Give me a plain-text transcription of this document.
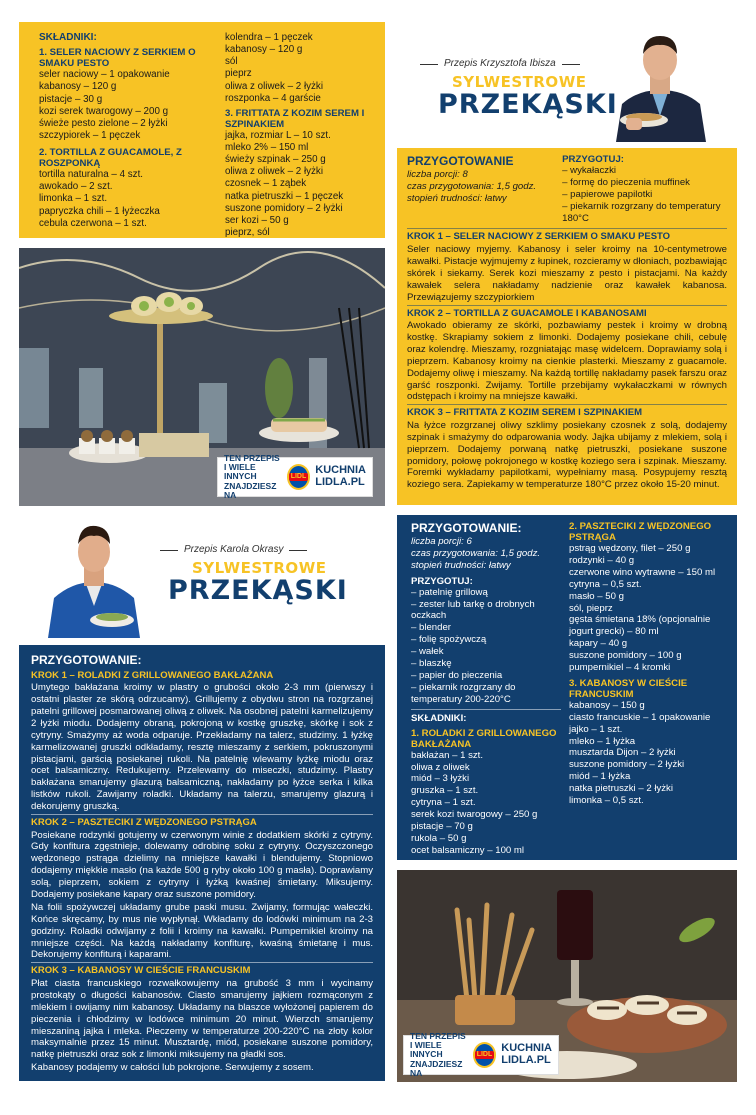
SKŁADNIKI:
1. SELER NACIOWY Z SERKIEM O SMAKU PESTO
seler naciowy – 1 opakowanie
kabanosy – 120 g
pistacje – 30 g
kozi serek twarogowy – 200 g
świeże pesto zielone – 2 łyżki
szczypiorek – 1 pęczek
2. TORTILLA Z GUACAMOLE, Z ROSZPONKĄ
tortilla naturalna – 4 szt.
awokado – 2 szt.
limonka – 1 szt.
papryczka chili – 1 łyżeczka
cebula czerwona – 1 szt.
kolendra – 1 pęczek
kabanosy – 120 g
sól
pieprz
oliwa z oliwek – 2 łyżki
roszponka – 4 garście
3. FRITTATA Z KOZIM SEREM I SZPINAKIEM
jajka, rozmiar L – 10 szt.
mleko 2% – 150 ml
świeży szpinak – 250 g
oliwa z oliwek – 2 łyżki
czosnek – 1 ząbek
natka pietruszki – 1 pęczek
suszone pomidory – 2 łyżki
ser kozi – 50 g
pieprz, sól
Przepis Krzysztofa Ibisza
SYLWESTROWE
PRZEKĄSKI
PRZYGOTOWANIE
liczba porcji: 8
czas przygotowania: 1,5 godz.
stopień trudności: łatwy
PRZYGOTUJ:
– wykałaczki
– formę do pieczenia muffinek
– papierowe papilotki
– piekarnik rozgrzany do temperatury 180°C
KROK 1 – SELER NACIOWY Z SERKIEM O SMAKU PESTO

Seler naciowy myjemy. Kabanosy i seler kroimy na 10-centymetrowe kawałki. Pistacje wyjmujemy z łupinek, rozcieramy w dłoniach, pozbawiając skórek i siekamy. Serek kozi mieszamy z pesto i pistacjami. Na każdy kawałek selera nakładamy nadzienie oraz kawałek kabanosa. Przewiązujemy szczypiorkiem

KROK 2 – TORTILLA Z GUACAMOLE I KABANOSAMI

Awokado obieramy ze skórki, pozbawiamy pestek i kroimy w drobną kostkę. Skrapiamy sokiem z limonki. Dodajemy posiekane chili, cebulę oraz kolendrę. Mieszamy, rozgniatając masę widelcem. Doprawiamy solą i pieprzem. Kabanosy kroimy na cienkie plasterki. Mieszamy z guacamole. Dodajemy oliwę i mieszamy. Na każdą tortillę nakładamy pasek farszu oraz garść roszponki. Zwijamy. Tortille przebijamy wykałaczkami w równych odstępach i kroimy na mniejsze kawałki.

KROK 3 – FRITTATA Z KOZIM SEREM I SZPINAKIEM

Na łyżce rozgrzanej oliwy szklimy posiekany czosnek z solą, dodajemy szpinak i smażymy do odparowania wody. Jajka ubijamy z mlekiem, solą i pieprzem. Dodajemy porwaną natkę pietruszki, posiekane suszone pomidory, połowę pokrojonego w kostkę koziego sera i szpinak. Mieszamy. Foremki wykładamy papilotkami, wypełniamy masą. Posypujemy resztą koziego sera. Zapiekamy w temperaturze 180°C przez około 15-20 minut.

TEN PRZEPIS I WIELE INNYCH ZNAJDZIESZ NA
LIDL KUCHNIA
LIDLA.PL
Przepis Karola Okrasy
SYLWESTROWE
PRZEKĄSKI
PRZYGOTOWANIE:
liczba porcji: 6
czas przygotowania: 1,5 godz.
stopień trudności: łatwy
PRZYGOTUJ:
– patelnię grillową
– zester lub tarkę o drobnych oczkach
– blender
– folię spożywczą
– wałek
– blaszkę
– papier do pieczenia
– piekarnik rozgrzany do temperatury 200-220°C
SKŁADNIKI:
1. ROLADKI Z GRILLOWANEGO BAKŁAŻANA
bakłażan – 1 szt.
oliwa z oliwek
miód – 3 łyżki
gruszka – 1 szt.
cytryna – 1 szt.
serek kozi twarogowy – 250 g
pistacje – 70 g
rukola – 50 g
ocet balsamiczny – 100 ml
2. PASZTECIKI Z WĘDZONEGO PSTRĄGA
pstrąg wędzony, filet – 250 g
rodzynki – 40 g
czerwone wino wytrawne – 150 ml
cytryna – 0,5 szt.
masło – 50 g
sól, pieprz
gęsta śmietana 18% (opcjonalnie jogurt grecki) – 80 ml
kapary – 40 g
suszone pomidory – 100 g
pumpernikiel – 4 kromki
3. KABANOSY W CIEŚCIE FRANCUSKIM
kabanosy – 150 g
ciasto francuskie – 1 opakowanie
jajko – 1 szt.
mleko – 1 łyżka
musztarda Dijon – 2 łyżki
suszone pomidory – 2 łyżki
miód – 1 łyżka
natka pietruszki – 2 łyżki
limonka – 0,5 szt.
PRZYGOTOWANIE:
KROK 1 – ROLADKI Z GRILLOWANEGO BAKŁAŻANA

Umytego bakłażana kroimy w plastry o grubości około 2-3 mm (pierwszy i ostatni plaster ze skórą odrzucamy). Grillujemy z obydwu stron na rozgrzanej patelni grillowej posmarowanej oliwą z oliwek. Na osobnej patelni karmelizujemy 2 łyżki miodu. Dodajemy obraną, pokrojoną w kostkę gruszkę, skórkę i sok z cytryny. Smażymy aż woda odparuje. Przekładamy na talerz, studzimy. 1 łyżkę karmelizowanej gruszki odkładamy, resztę mieszamy z serkiem, pokruszonymi pistacjami, garścią posiekanej rukoli. Na patelnię wlewamy łyżkę miodu oraz ocet balsamiczny. Redukujemy. Przelewamy do miseczki, studzimy. Plastry bakłażana smarujemy glazurą balsamiczną, nakładamy po łyżce serka i kilka listków rukoli. Zawijamy roladki. Układamy na talerzu, smarujemy glazurą i dekorujemy gruszką.

KROK 2 – PASZTECIKI Z WĘDZONEGO PSTRĄGA

Posiekane rodzynki gotujemy w czerwonym winie z dodatkiem skórki z cytryny. Gdy konfitura zgęstnieje, dolewamy odrobinę soku z cytryny. Oczyszczonego wędzonego pstrąga dzielimy na mniejsze kawałki i blendujemy. Stopniowo dodajemy miękkie masło (na każde 500 g ryby około 100 g masła). Doprawiamy solą, pieprzem, sokiem z cytryny i łyżką kwaśnej śmietany. Miksujemy. Dodajemy posiekane kapary oraz suszone pomidory.

Na folii spożywczej układamy grube paski musu. Zwijamy, formując wałeczki. Końce skręcamy, by mus nie wypłynął. Wkładamy do lodówki minimum na 2-3 godziny. Roladki odwijamy z folii i kroimy na kawałki. Pumpernikiel kroimy na mniejsze części. Na każdą nakładamy konfiturę, kwaśną śmietanę i mus. Dekorujemy konfiturą i kaparami.

KROK 3 – KABANOSY W CIEŚCIE FRANCUSKIM

Płat ciasta francuskiego rozwałkowujemy na grubość 3 mm i wycinamy prostokąty o długości kabanosów. Ciasto smarujemy jajkiem rozmąconym z mlekiem i owijamy nim kabanosy. Układamy na blaszce wyłożonej papierem do pieczenia i chłodzimy w lodówce minimum 20 minut. Wierzch smarujemy mieszaniną jajka i mleka. Pieczemy w temperaturze 200-220°C na złoty kolor maksymalnie przez 15 minut. Musztardę, miód, posiekane suszone pomidory, natkę pietruszki oraz sok z limonki miksujemy na gładki sos.

Kabanosy podajemy w całości lub pokrojone. Serwujemy z sosem.

TEN PRZEPIS I WIELE INNYCH ZNAJDZIESZ NA
LIDL KUCHNIA
LIDLA.PL
